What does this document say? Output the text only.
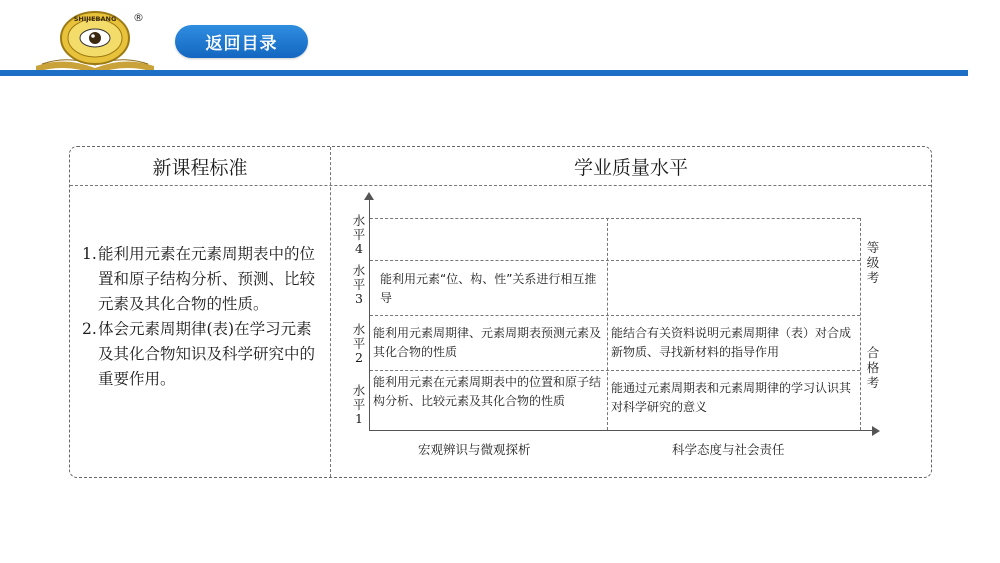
SHIJIEBANG ®
返回目录
新课程标准	学业质量水平
1. 能利用元素在元素周期表中的位置和原子结构分析、预测、比较元素及其化合物的性质。
2. 体会元素周期律(表)在学习元素及其化合物知识及科学研究中的重要作用。
水平4
水平3
水平2
水平1
能利用元素“位、构、性”关系进行相互推导
能利用元素周期律、元素周期表预测元素及其化合物的性质
能结合有关资料说明元素周期律（表）对合成新物质、寻找新材料的指导作用
能利用元素在元素周期表中的位置和原子结构分析、比较元素及其化合物的性质
能通过元素周期表和元素周期律的学习认识其对科学研究的意义
等级考
合格考
宏观辨识与微观探析	科学态度与社会责任
